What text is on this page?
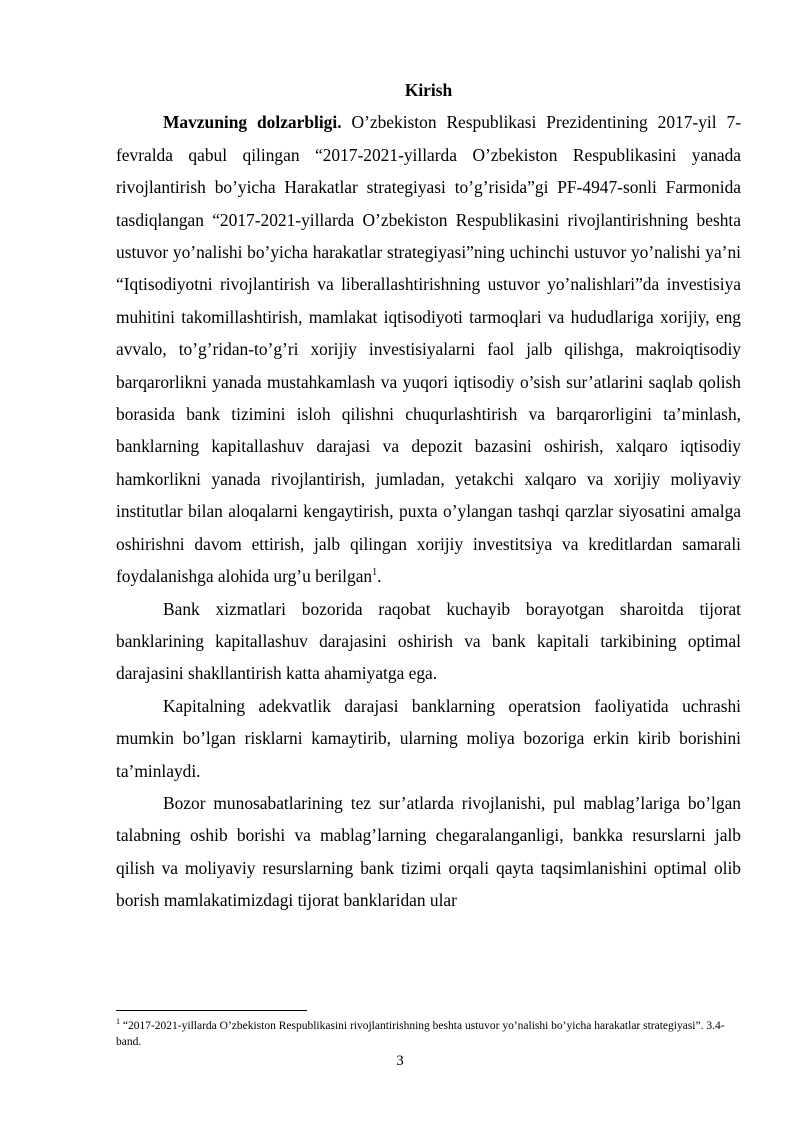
Kirish

Mavzuning dolzarbligi. O’zbekiston Respublikasi Prezidentining 2017-yil 7-fevralda qabul qilingan “2017-2021-yillarda O’zbekiston Respublikasini yanada rivojlantirish bo’yicha Harakatlar strategiyasi to’g’risida”gi PF-4947-sonli Farmonida tasdiqlangan “2017-2021-yillarda O’zbekiston Respublikasini rivojlantirishning beshta ustuvor yo’nalishi bo’yicha harakatlar strategiyasi”ning uchinchi ustuvor yo’nalishi ya’ni “Iqtisodiyotni rivojlantirish va liberallashtirishning ustuvor yo’nalishlari”da investisiya muhitini takomillashtirish, mamlakat iqtisodiyoti tarmoqlari va hududlariga xorijiy, eng avvalo, to’g’ridan-to’g’ri xorijiy investisiyalarni faol jalb qilishga, makroiqtisodiy barqarorlikni yanada mustahkamlash va yuqori iqtisodiy o’sish sur’atlarini saqlab qolish borasida bank tizimini isloh qilishni chuqurlashtirish va barqarorligini ta’minlash, banklarning kapitallashuv darajasi va depozit bazasini oshirish, xalqaro iqtisodiy hamkorlikni yanada rivojlantirish, jumladan, yetakchi xalqaro va xorijiy moliyaviy institutlar bilan aloqalarni kengaytirish, puxta o’ylangan tashqi qarzlar siyosatini amalga oshirishni davom ettirish, jalb qilingan xorijiy investitsiya va kreditlardan samarali foydalanishga alohida urg’u berilgan$^1$.

Bank xizmatlari bozorida raqobat kuchayib borayotgan sharoitda tijorat banklarining kapitallashuv darajasini oshirish va bank kapitali tarkibining optimal darajasini shakllantirish katta ahamiyatga ega.

Kapitalning adekvatlik darajasi banklarning operatsion faoliyatida uchrashi mumkin bo’lgan risklarni kamaytirib, ularning moliya bozoriga erkin kirib borishini ta’minlaydi.

Bozor munosabatlarining tez sur’atlarda rivojlanishi, pul mablag’lariga bo’lgan talabning oshib borishi va mablag’larning chegaralanganligi, bankka resurslarni jalb qilish va moliyaviy resurslarning bank tizimi orqali qayta taqsimlanishini optimal olib borish mamlakatimizdagi tijorat banklaridan ular

$^1$ “2017-2021-yillarda O’zbekiston Respublikasini rivojlantirishning beshta ustuvor yo’nalishi bo’yicha harakatlar strategiyasi”. 3.4-band.

3
